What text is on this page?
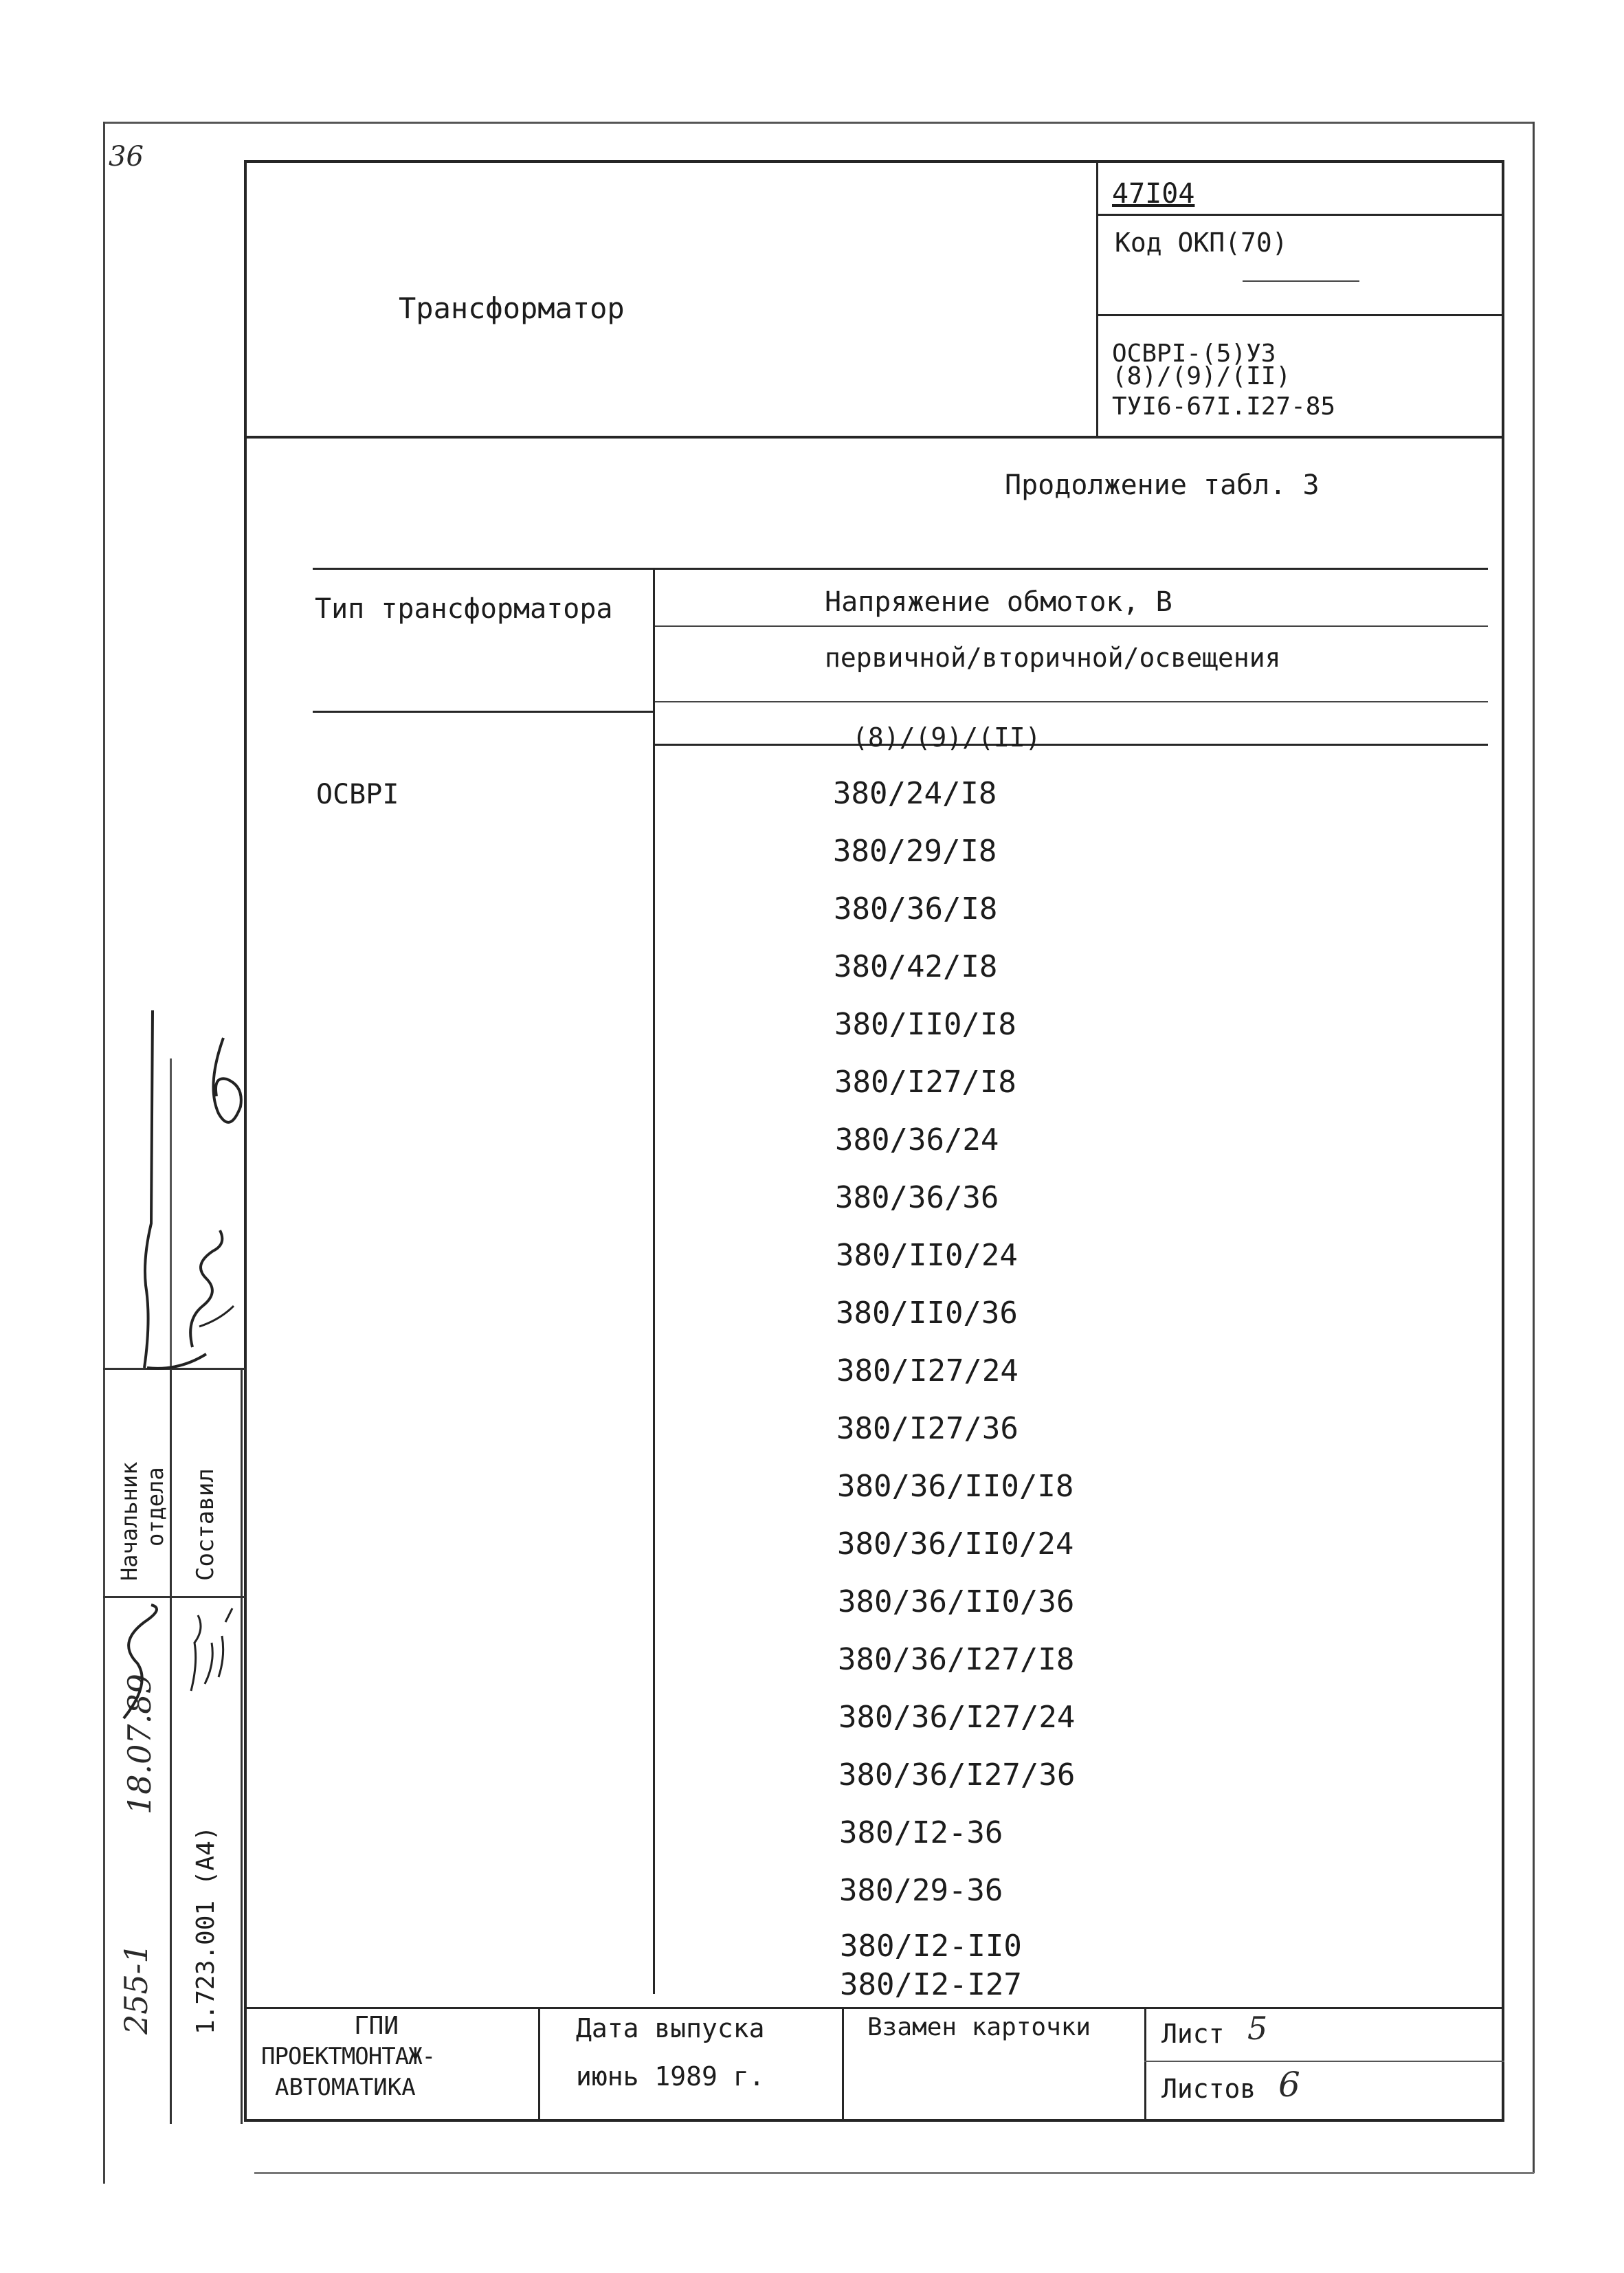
36
Трансформатор
47I04
Код ОКП(70)
ОСВРI-(5)УЗ
(8)/(9)/(II)
ТУI6-67I.I27-85
Продолжение табл. 3
Тип трансформатора	Напряжение обмоток, В
первичной/вторичной/освещения
(8)/(9)/(II)
ОСВРI	380/24/I8
380/29/I8
380/36/I8
380/42/I8
380/II0/I8
380/I27/I8
380/36/24
380/36/36
380/II0/24
380/II0/36
380/I27/24
380/I27/36
380/36/II0/I8
380/36/II0/24
380/36/II0/36
380/36/I27/I8
380/36/I27/24
380/36/I27/36
380/I2-36
380/29-36
380/I2-II0
380/I2-I27
ГПИ
ПРОЕКТМОНТАЖ-
АВТОМАТИКА
Дата выпуска
июнь 1989 г.
Взамен карточки	Лист 5
Листов 6
Начальник отдела Составил
18.07.89
255-1 1.723.001 (А4)
